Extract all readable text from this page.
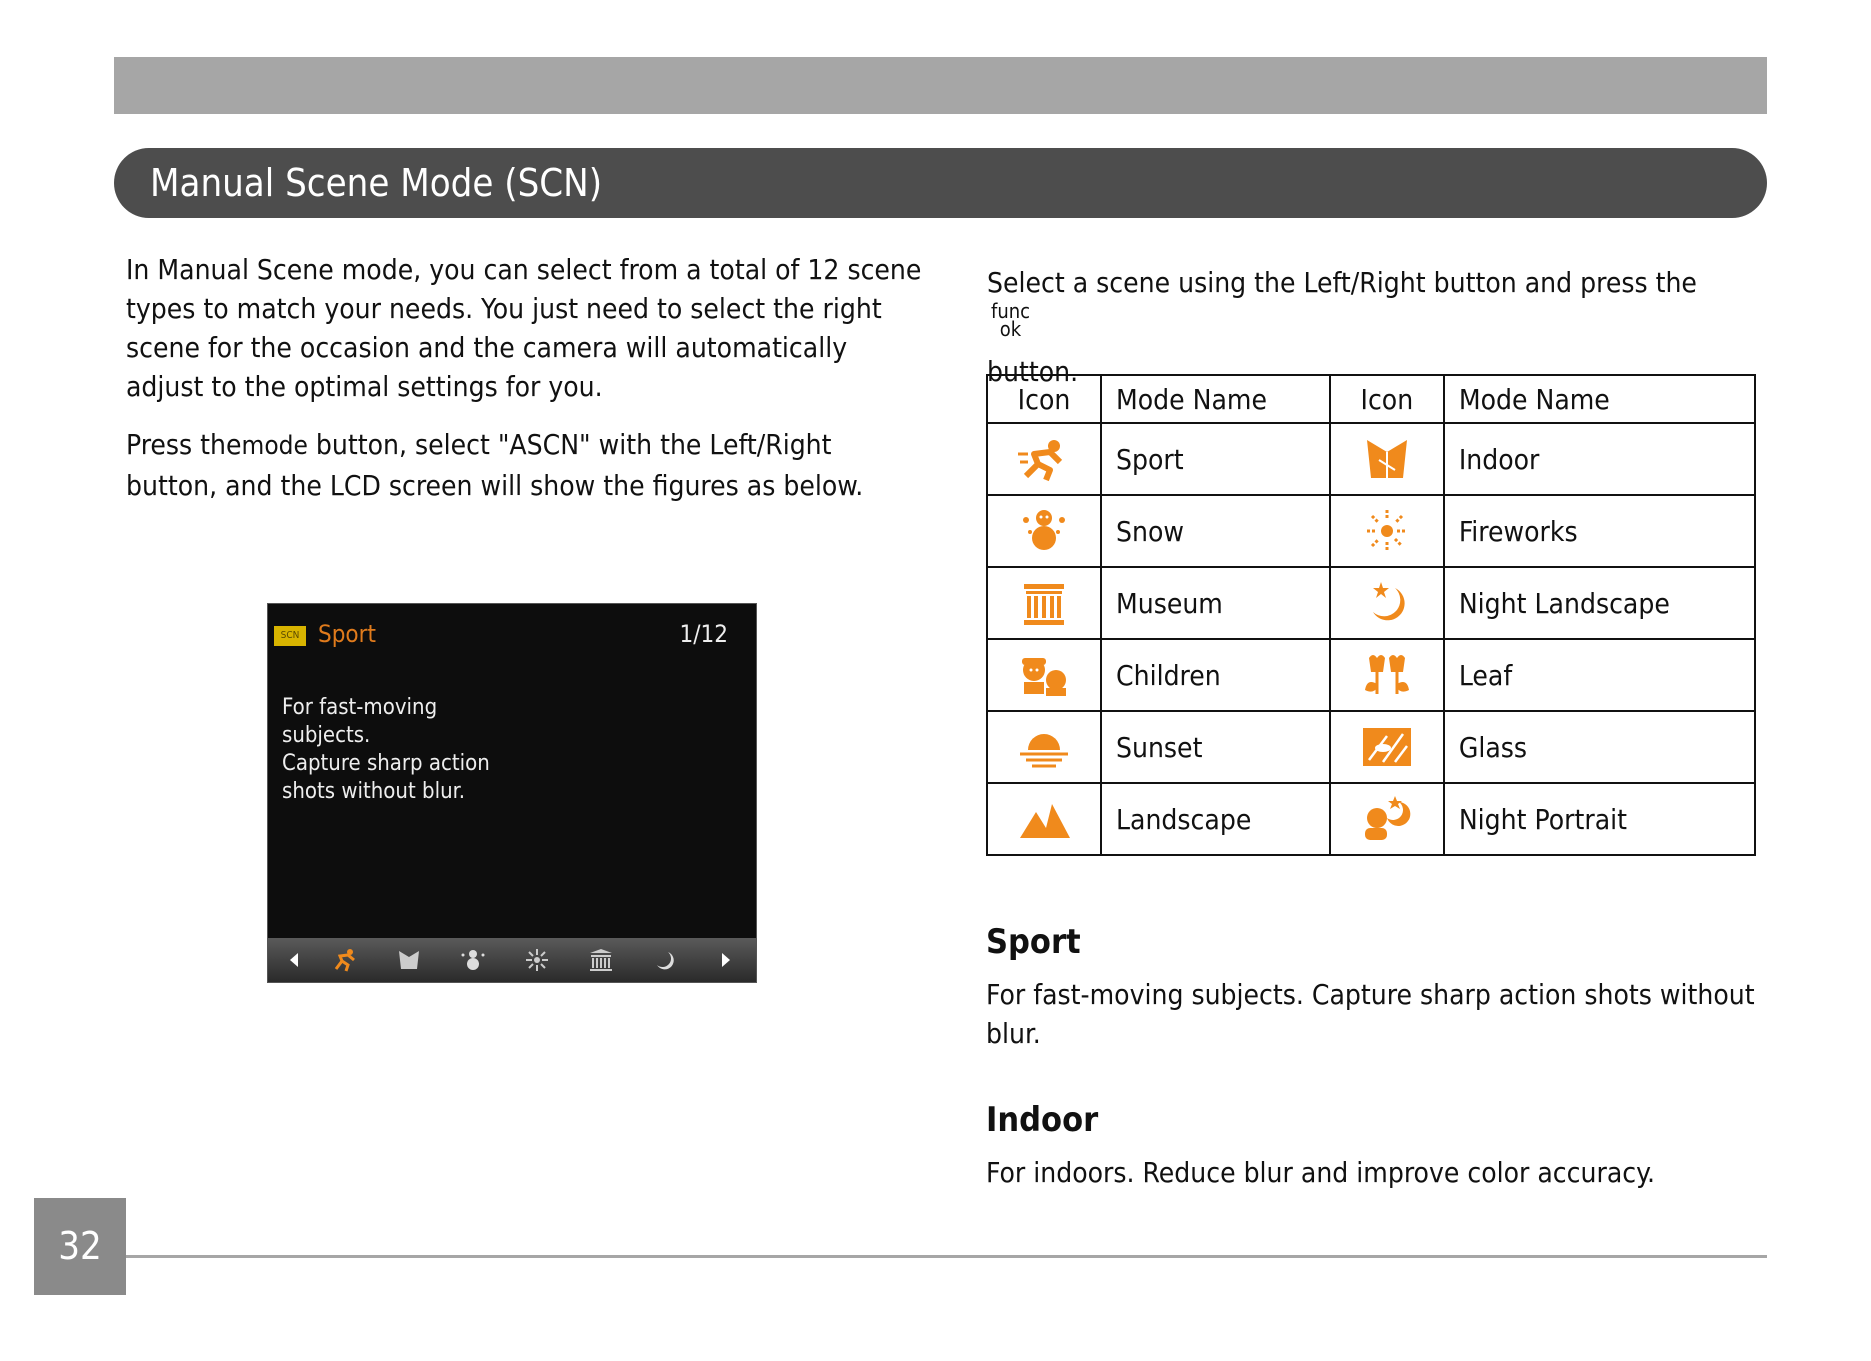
Manual Scene Mode (SCN)

In Manual Scene mode, you can select from a total of 12 scene types to match your needs. You just need to select the right scene for the occasion and the camera will automatically adjust to the optimal settings for you.

Press themode button, select "ASCN" with the Left/Right button, and the LCD screen will show the figures as below.

Select a scene using the Left/Right button and press the func
ok
button.

SCN Sport	1/12

For fast-moving
subjects.
Capture sharp action
shots without blur.

Icon	Mode Name	Icon	Mode Name
	Sport		Indoor
	Snow		Fireworks
	Museum		Night Landscape
	Children		Leaf
	Sunset		Glass
	Landscape		Night Portrait
Sport

For fast-moving subjects. Capture sharp action shots without blur.

Indoor

For indoors. Reduce blur and improve color accuracy.

32
